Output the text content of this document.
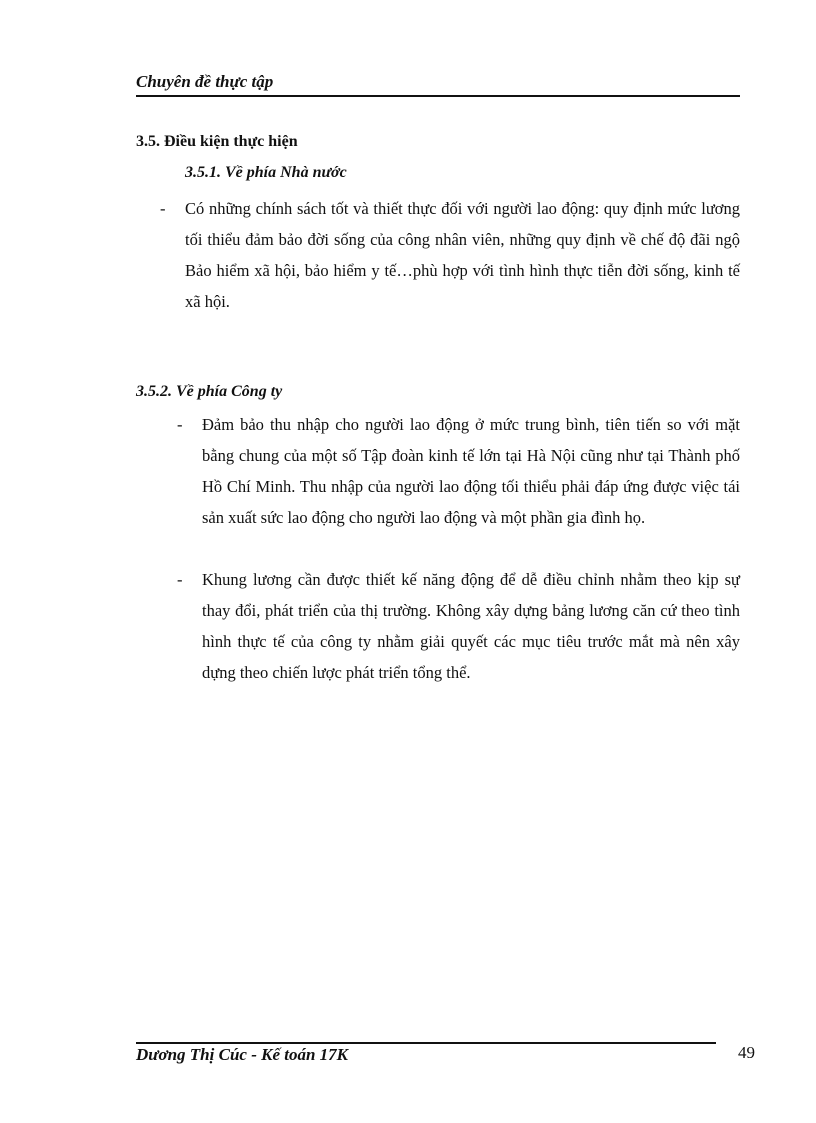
Chuyên đề thực tập
3.5. Điều kiện thực hiện
3.5.1. Về phía Nhà nước
- Có những chính sách tốt và thiết thực đối với người lao động: quy định mức lương tối thiểu đảm bảo đời sống của công nhân viên, những quy định về chế độ đãi ngộ Bảo hiểm xã hội, bảo hiểm y tế…phù hợp với tình hình thực tiễn đời sống, kinh tế xã hội.

3.5.2. Về phía Công ty
- Đảm bảo thu nhập cho người lao động ở mức trung bình, tiên tiến so với mặt bằng chung của một số Tập đoàn kinh tế lớn tại Hà Nội cũng như tại Thành phố Hồ Chí Minh. Thu nhập của người lao động tối thiểu phải đáp ứng được việc tái sản xuất sức lao động cho người lao động và một phần gia đình họ.

- Khung lương cần được thiết kế năng động để dễ điều chỉnh nhằm theo kịp sự thay đổi, phát triển của thị trường. Không xây dựng bảng lương căn cứ theo tình hình thực tế của công ty nhằm giải quyết các mục tiêu trước mắt mà nên xây dựng theo chiến lược phát triển tổng thể.

Dương Thị Cúc - Kế toán 17K	49
